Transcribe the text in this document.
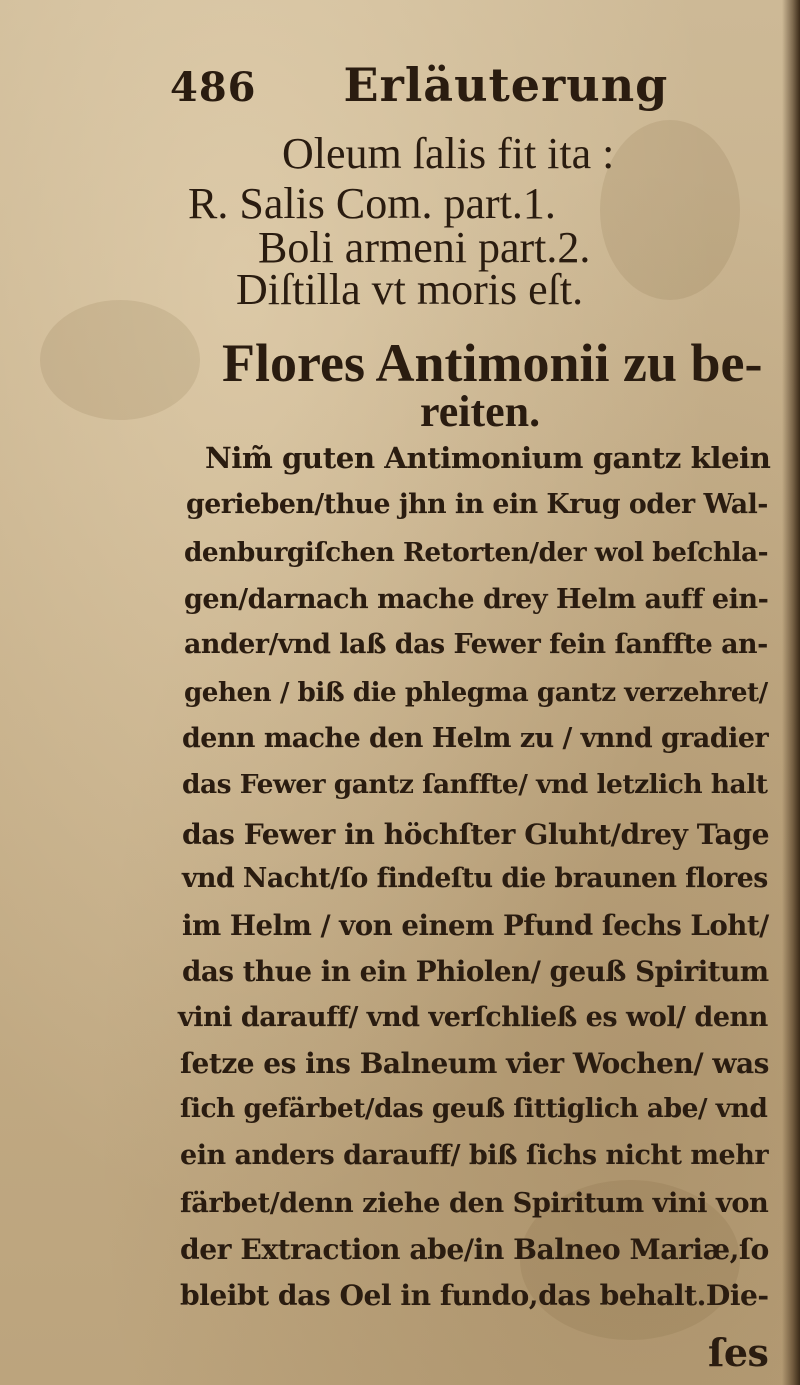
486 Erläuterung
Oleum ſalis fit ita :
R. Salis Com. part.1.
Boli armeni part.2.
Diſtilla vt moris eſt.
Flores Antimonii zu be-
reiten.
Nim̃ guten Antimonium gantz klein
gerieben/thue jhn in ein Krug oder Wal-
denburgiſchen Retorten/der wol beſchla-
gen/darnach mache drey Helm auff ein-
ander/vnd laß das Fewer fein ſanffte an-
gehen / biß die phlegma gantz verzehret/
denn mache den Helm zu / vnnd gradier
das Fewer gantz ſanffte/ vnd letzlich halt
das Fewer in höchſter Gluht/drey Tage
vnd Nacht/ſo findeſtu die braunen flores
im Helm / von einem Pfund ſechs Loht/
das thue in ein Phiolen/ geuß Spiritum
vini darauff/ vnd verſchließ es wol/ denn
ſetze es ins Balneum vier Wochen/ was
ſich gefärbet/das geuß ſittiglich abe/ vnd
ein anders darauff/ biß ſichs nicht mehr
färbet/denn ziehe den Spiritum vini von
der Extraction abe/in Balneo Mariæ,ſo
bleibt das Oel in fundo,das behalt.Die-
ſes
